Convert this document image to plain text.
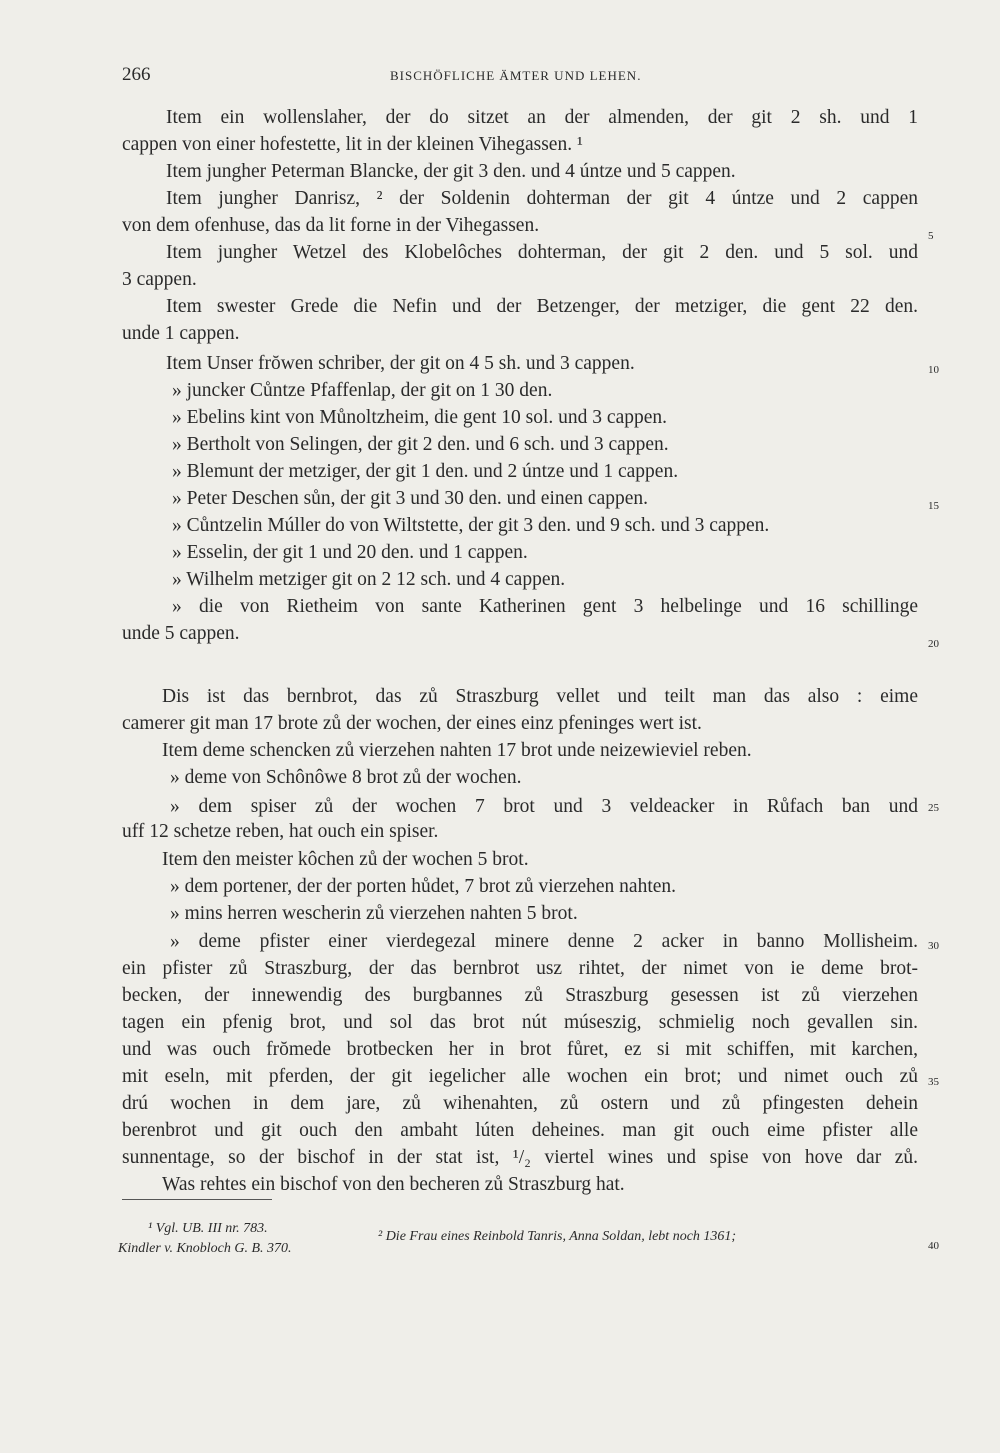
266	BISCHÖFLICHE ÄMTER UND LEHEN.
Item ein wollenslaher, der do sitzet an der almenden, der git 2 sh. und 1
cappen von einer hofestette, lit in der kleinen Vihegassen. ¹
Item jungher Peterman Blancke, der git 3 den. und 4 úntze und 5 cappen.
Item jungher Danrisz, ² der Soldenin dohterman der git 4 úntze und 2 cappen
von dem ofenhuse, das da lit forne in der Vihegassen.
Item jungher Wetzel des Klobelôches dohterman, der git 2 den. und 5 sol. und
3 cappen.
Item swester Grede die Nefin und der Betzenger, der metziger, die gent 22 den.
unde 1 cappen.
Item Unser frŏwen schriber, der git on 4 5 sh. und 3 cappen.
» juncker Cůntze Pfaffenlap, der git on 1 30 den.
» Ebelins kint von Můnoltzheim, die gent 10 sol. und 3 cappen.
» Bertholt von Selingen, der git 2 den. und 6 sch. und 3 cappen.
» Blemunt der metziger, der git 1 den. und 2 úntze und 1 cappen.
» Peter Deschen sůn, der git 3 und 30 den. und einen cappen.
» Cůntzelin Múller do von Wiltstette, der git 3 den. und 9 sch. und 3 cappen.
» Esselin, der git 1 und 20 den. und 1 cappen.
» Wilhelm metziger git on 2 12 sch. und 4 cappen.
» die von Rietheim von sante Katherinen gent 3 helbelinge und 16 schillinge
unde 5 cappen.
Dis ist das bernbrot, das zů Straszburg vellet und teilt man das also : eime
camerer git man 17 brote zů der wochen, der eines einz pfeninges wert ist.
Item deme schencken zů vierzehen nahten 17 brot unde neizewieviel reben.
» deme von Schônôwe 8 brot zů der wochen.
» dem spiser zů der wochen 7 brot und 3 veldeacker in Růfach ban und
uff 12 schetze reben, hat ouch ein spiser.
Item den meister kôchen zů der wochen 5 brot.
» dem portener, der der porten hůdet, 7 brot zů vierzehen nahten.
» mins herren wescherin zů vierzehen nahten 5 brot.
» deme pfister einer vierdegezal minere denne 2 acker in banno Mollisheim.
ein pfister zů Straszburg, der das bernbrot usz rihtet, der nimet von ie deme brot-
becken, der innewendig des burgbannes zů Straszburg gesessen ist zů vierzehen
tagen ein pfenig brot, und sol das brot nút múseszig, schmielig noch gevallen sin.
und was ouch frŏmede brotbecken her in brot fůret, ez si mit schiffen, mit karchen,
mit eseln, mit pferden, der git iegelicher alle wochen ein brot; und nimet ouch zů
drú wochen in dem jare, zů wihenahten, zů ostern und zů pfingesten dehein
berenbrot und git ouch den ambaht lúten deheines. man git ouch eime pfister alle
sunnentage, so der bischof in der stat ist, ¹/₂ viertel wines und spise von hove dar zů.
Was rehtes ein bischof von den becheren zů Straszburg hat.
5
10
15
20
25
30
35
40
¹ Vgl. UB. III nr. 783.
Kindler v. Knobloch G. B. 370.
² Die Frau eines Reinbold Tanris, Anna Soldan, lebt noch 1361;
